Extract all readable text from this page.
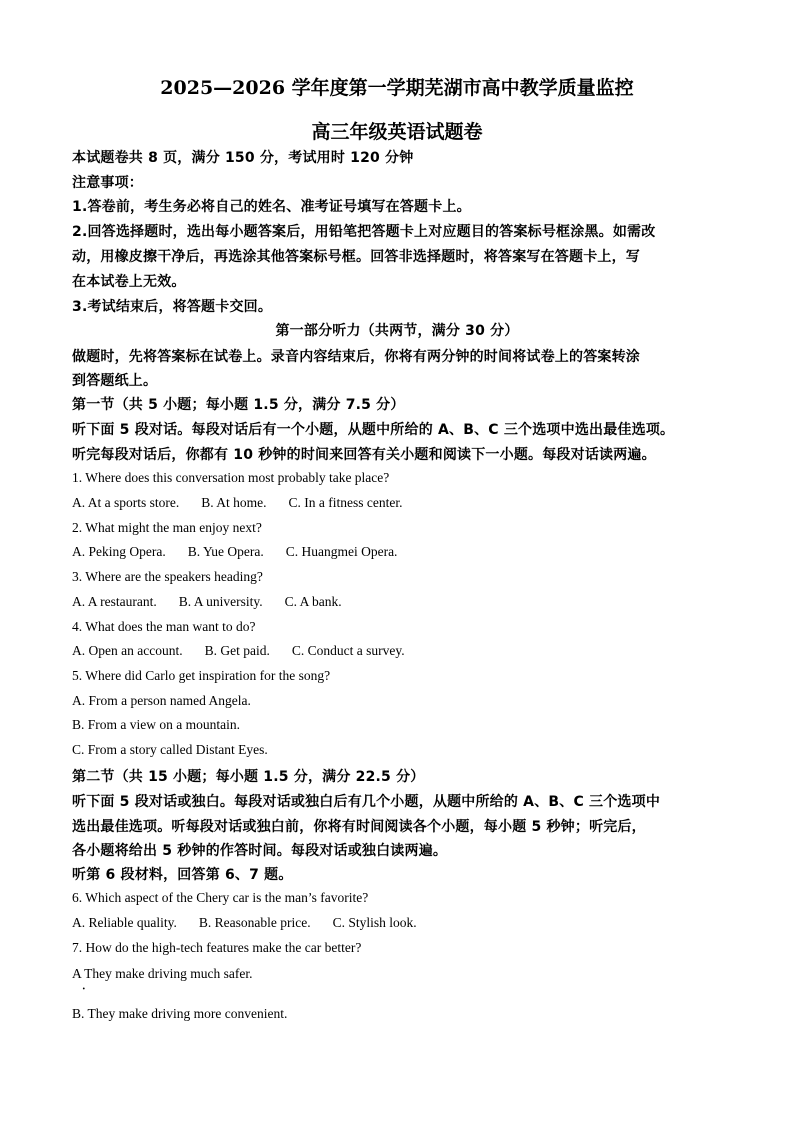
2025—2026 学年度第一学期芜湖市高中教学质量监控
高三年级英语试题卷
本试题卷共 8 页，满分 150 分，考试用时 120 分钟
注意事项：
1.答卷前，考生务必将自己的姓名、准考证号填写在答题卡上。
2.回答选择题时，选出每小题答案后，用铅笔把答题卡上对应题目的答案标号框涂黑。如需改
动，用橡皮擦干净后，再选涂其他答案标号框。回答非选择题时，将答案写在答题卡上，写
在本试卷上无效。
3.考试结束后，将答题卡交回。
第一部分听力（共两节，满分 30 分）
做题时，先将答案标在试卷上。录音内容结束后，你将有两分钟的时间将试卷上的答案转涂
到答题纸上。
第一节（共 5 小题；每小题 1.5 分，满分 7.5 分）
听下面 5 段对话。每段对话后有一个小题，从题中所给的 A、B、C 三个选项中选出最佳选项。
听完每段对话后，你都有 10 秒钟的时间来回答有关小题和阅读下一小题。每段对话读两遍。
1. Where does this conversation most probably take place?
A. At a sports store. B. At home. C. In a fitness center.
2. What might the man enjoy next?
A. Peking Opera. B. Yue Opera. C. Huangmei Opera.
3. Where are the speakers heading?
A. A restaurant. B. A university. C. A bank.
4. What does the man want to do?
A. Open an account. B. Get paid. C. Conduct a survey.
5. Where did Carlo get inspiration for the song?
A. From a person named Angela.
B. From a view on a mountain.
C. From a story called Distant Eyes.
第二节（共 15 小题；每小题 1.5 分，满分 22.5 分）
听下面 5 段对话或独白。每段对话或独白后有几个小题，从题中所给的 A、B、C 三个选项中
选出最佳选项。听每段对话或独白前，你将有时间阅读各个小题，每小题 5 秒钟；听完后，
各小题将给出 5 秒钟的作答时间。每段对话或独白读两遍。
听第 6 段材料，回答第 6、7 题。
6. Which aspect of the Chery car is the man’s favorite?
A. Reliable quality. B. Reasonable price. C. Stylish look.
7. How do the high-tech features make the car better?
A They make driving much safer.
•
B. They make driving more convenient.
